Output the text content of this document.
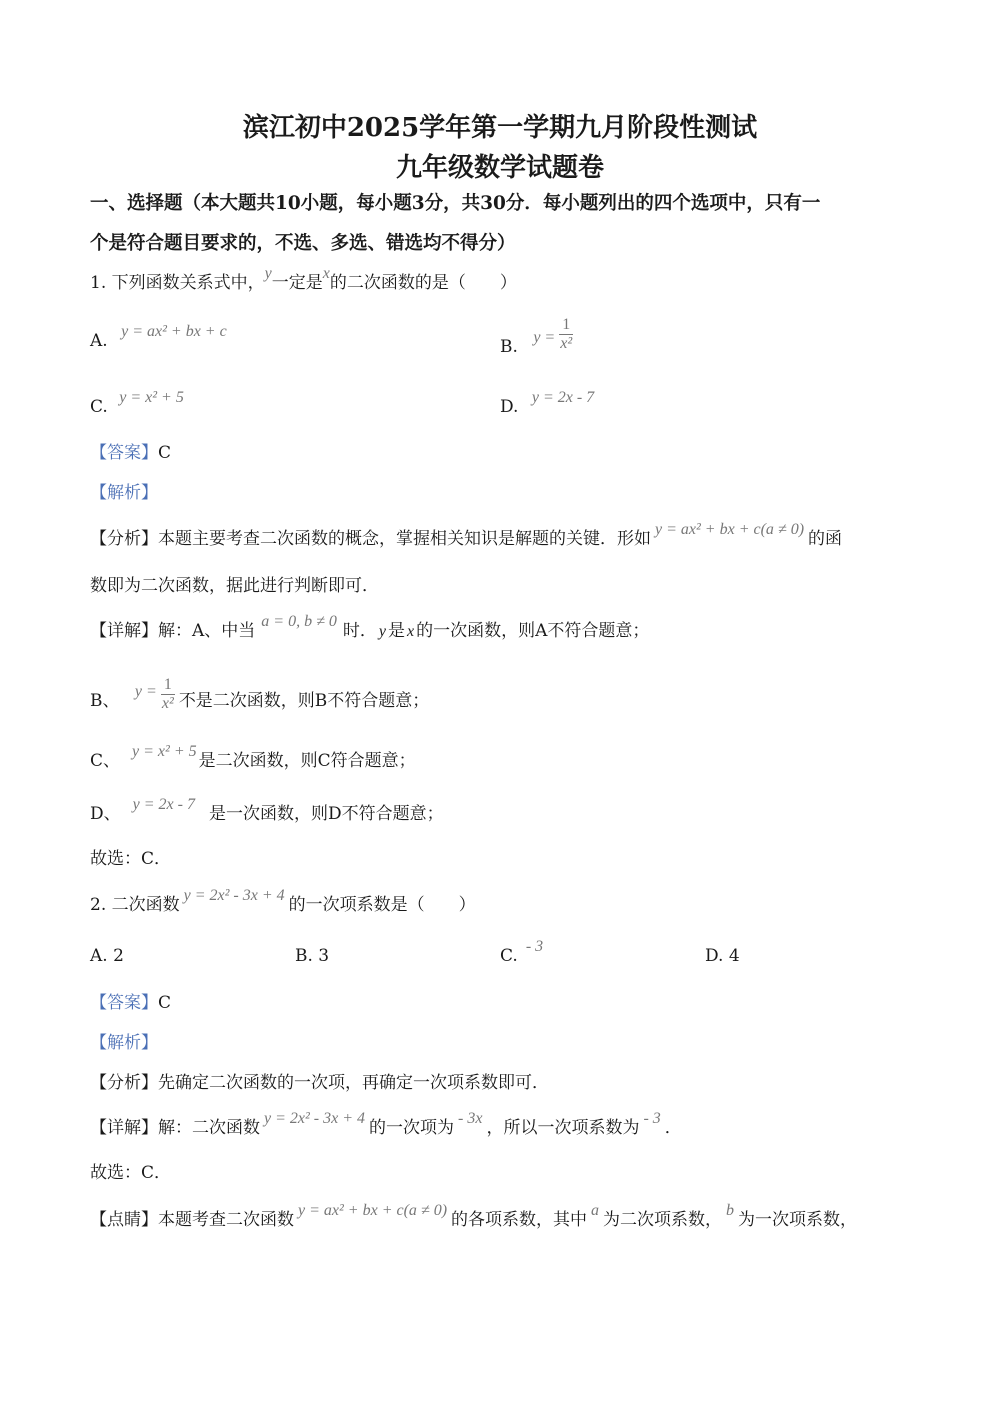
滨江初中2025学年第一学期九月阶段性测试
九年级数学试题卷
一、选择题（本大题共10小题，每小题3分，共30分．每小题列出的四个选项中，只有一
个是符合题目要求的，不选、多选、错选均不得分）
1. 下列函数关系式中，y一定是x的二次函数的是（　　）
A. y = ax² + bx + c
B. $y = \frac{1}{\text{x²}}$
C. y = x² + 5	D. y = 2x - 7
【答案】C
【解析】
【分析】本题主要考查二次函数的概念，掌握相关知识是解题的关键．形如 y = ax² + bx + c(a ≠ 0) 的函
数即为二次函数，据此进行判断即可．
【详解】解：A、中当 a = 0, b ≠ 0 时． y 是 x 的一次函数，则A不符合题意；
B、 $y = \frac{1}{\text{x²}}$ 不是二次函数，则B不符合题意；
C、 y = x² + 5 是二次函数，则C符合题意；
D、 y = 2x - 7 是一次函数，则D不符合题意；
故选：C．
2. 二次函数 y = 2x² - 3x + 4 的一次项系数是（　　）
A. 2	B. 3	C. - 3	D. 4
【答案】C
【解析】
【分析】先确定二次函数的一次项，再确定一次项系数即可．
【详解】解：二次函数 y = 2x² - 3x + 4 的一次项为 - 3x ，所以一次项系数为 - 3 ．
故选：C．
【点睛】本题考查二次函数 y = ax² + bx + c(a ≠ 0) 的各项系数，其中 a 为二次项系数， b 为一次项系数，
